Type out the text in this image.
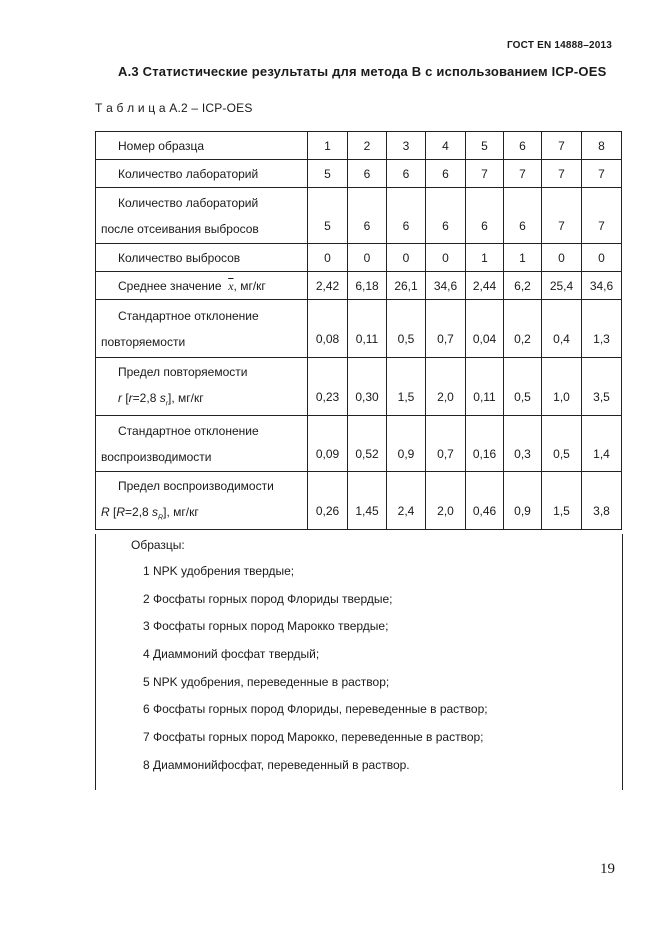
ГОСТ EN 14888–2013
А.3 Статистические результаты для метода В с использованием ICP-OES
Т а б л и ц а А.2 – ICP-OES
Номер образца	1	2	3	4	5	6	7	8
Количество лабораторий	5	6	6	6	7	7	7	7

Количество лабораторий
после отсеивания выбросов	5	6	6	6	6	6	7	7
Количество выбросов	0	0	0	0	1	1	0	0
Среднее значение $\overline{x}$, мг/кг	2,42	6,18	26,1	34,6	2,44	6,2	25,4	34,6

Стандартное отклонение
повторяемости	0,08	0,11	0,5	0,7	0,04	0,2	0,4	1,3

Предел повторяемости
r [r=2,8 $s_r$], мг/кг	0,23	0,30	1,5	2,0	0,11	0,5	1,0	3,5

Стандартное отклонение
воспроизводимости	0,09	0,52	0,9	0,7	0,16	0,3	0,5	1,4

Предел воспроизводимости
R [R=2,8 $s_R$], мг/кг	0,26	1,45	2,4	2,0	0,46	0,9	1,5	3,8
Образцы:
1 NPK удобрения твердые;
2 Фосфаты горных пород Флориды твердые;
3 Фосфаты горных пород Марокко твердые;
4 Диаммоний фосфат твердый;
5 NPK удобрения, переведенные в раствор;
6 Фосфаты горных пород Флориды, переведенные в раствор;
7 Фосфаты горных пород Марокко, переведенные в раствор;
8 Диаммонийфосфат, переведенный в раствор.
19
